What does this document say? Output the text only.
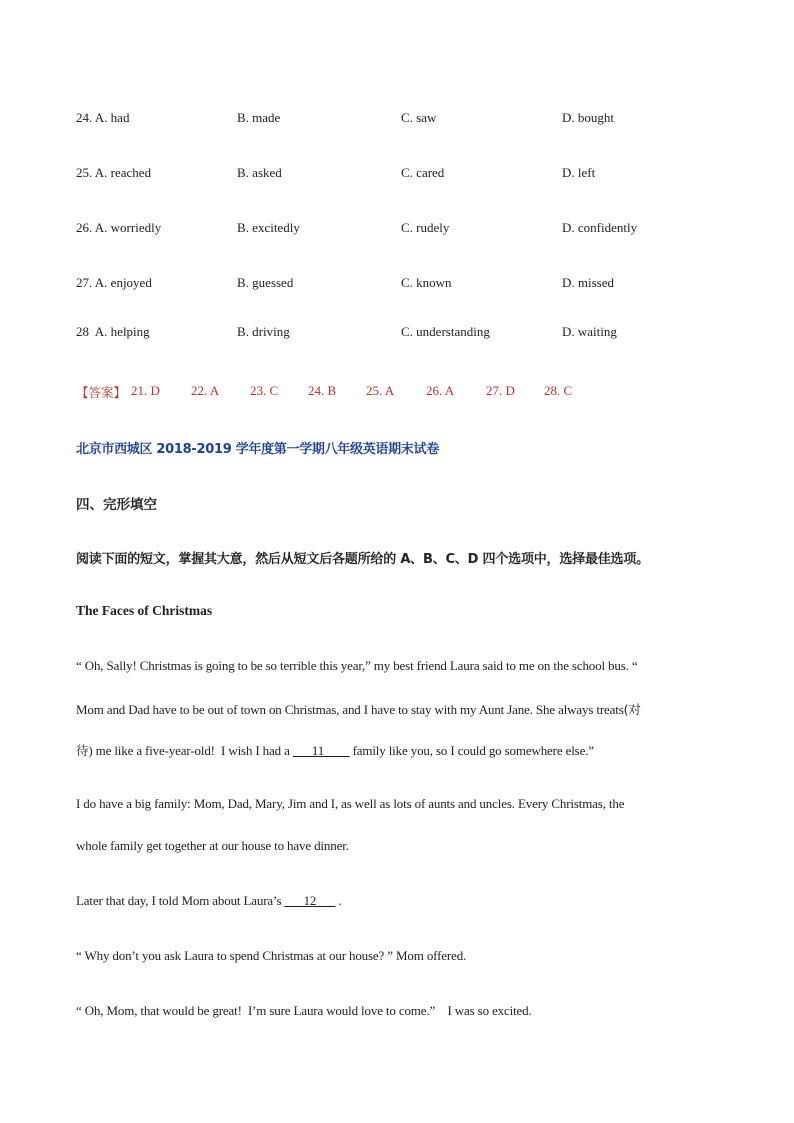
24. A. had	B. made	C. saw	D. bought
25. A. reached	B. asked	C. cared	D. left
26. A. worriedly	B. excitedly	C. rudely	D. confidently
27. A. enjoyed	B. guessed	C. known	D. missed
28  A. helping	B. driving	C. understanding	D. waiting
【答案】 21. D 22. A 23. C 24. B 25. A 26. A 27. D 28. C
北京市西城区 2018-2019 学年度第一学期八年级英语期末试卷
四、完形填空
阅读下面的短文，掌握其大意，然后从短文后各题所给的 A、B、C、D 四个选项中，选择最佳选项。
The Faces of Christmas
“ Oh, Sally! Christmas is going to be so terrible this year,” my best friend Laura said to me on the school bus. “
Mom and Dad have to be out of town on Christmas, and I have to stay with my Aunt Jane. She always treats(对
待) me like a five-year-old!  I wish I had a ___11____ family like you, so I could go somewhere else.”
I do have a big family: Mom, Dad, Mary, Jim and I, as well as lots of aunts and uncles. Every Christmas, the
whole family get together at our house to have dinner.
Later that day, I told Mom about Laura’s ___12___ .
“ Why don’t you ask Laura to spend Christmas at our house? ” Mom offered.
“ Oh, Mom, that would be great!  I’m sure Laura would love to come.”    I was so excited.
